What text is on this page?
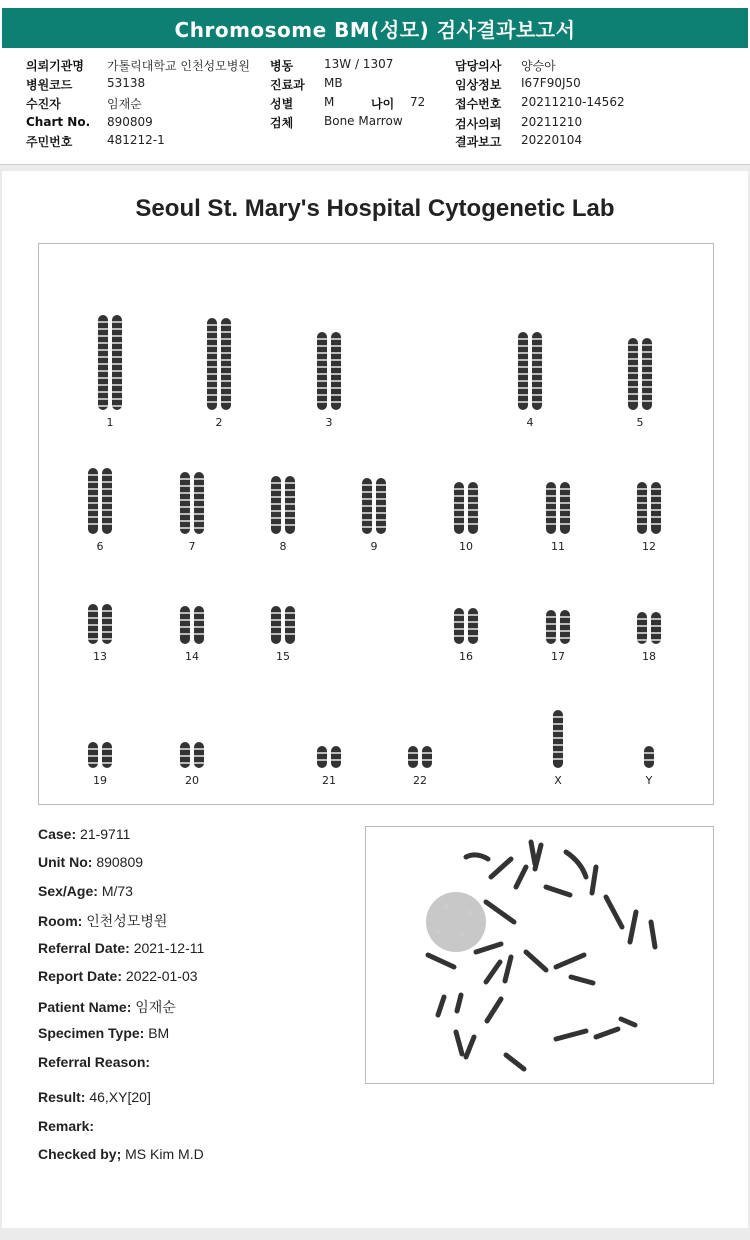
Chromosome BM(성모) 검사결과보고서
의뢰기관명 가톨릭대학교 인천성모병원
병원코드	53138
수진자	임재순
Chart No. 890809
주민번호	481212-1
병동	13W / 1307
진료과 MB
성별	M	나이 72
검체	Bone Marrow
담당의사 양승아
임상정보 I67F90J50
접수번호 20211210-14562
검사의뢰 20211210
결과보고 20220104
Seoul St. Mary's Hospital Cytogenetic Lab
1	2	3	4	5
6	7	8	9	10	11	12
13	14	15	16	17	18
19	20	21	22	X	Y
Case: 21-9711
Unit No: 890809
Sex/Age: M/73
Room: 인천성모병원
Referral Date: 2021-12-11
Report Date: 2022-01-03
Patient Name: 임재순
Specimen Type: BM
Referral Reason:
Result: 46,XY[20]
Remark:
Checked by; MS Kim M.D
